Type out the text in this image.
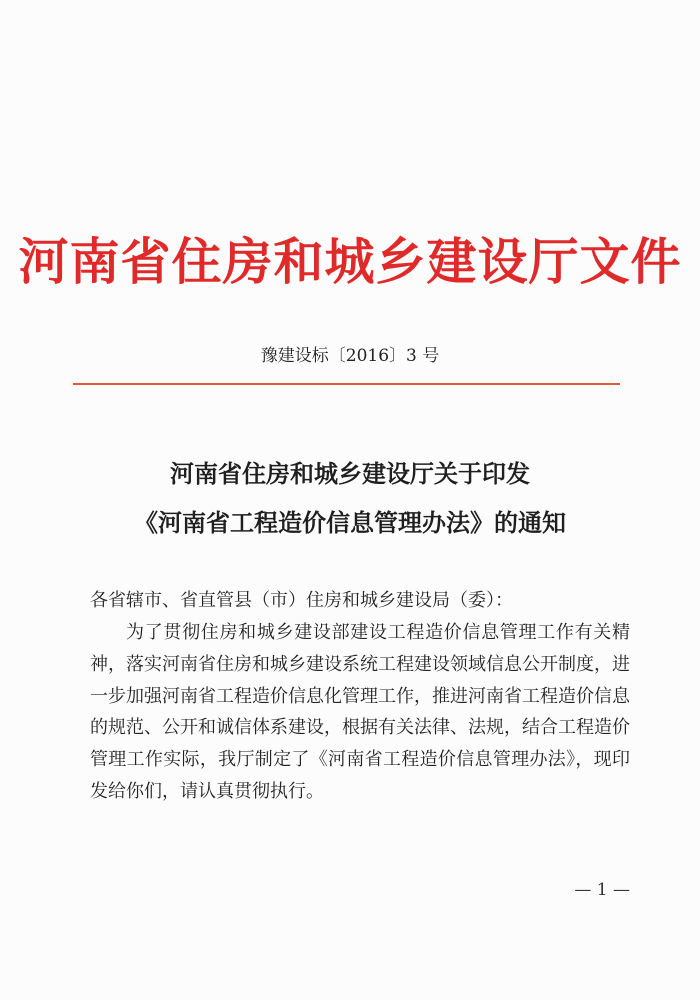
河南省住房和城乡建设厅文件
豫建设标〔2016〕3 号
河南省住房和城乡建设厅关于印发
《河南省工程造价信息管理办法》的通知
各省辖市、省直管县（市）住房和城乡建设局（委）：

为了贯彻住房和城乡建设部建设工程造价信息管理工作有关精神，落实河南省住房和城乡建设系统工程建设领域信息公开制度，进一步加强河南省工程造价信息化管理工作，推进河南省工程造价信息的规范、公开和诚信体系建设，根据有关法律、法规，结合工程造价管理工作实际，我厅制定了《河南省工程造价信息管理办法》，现印发给你们，请认真贯彻执行。

— 1 —
